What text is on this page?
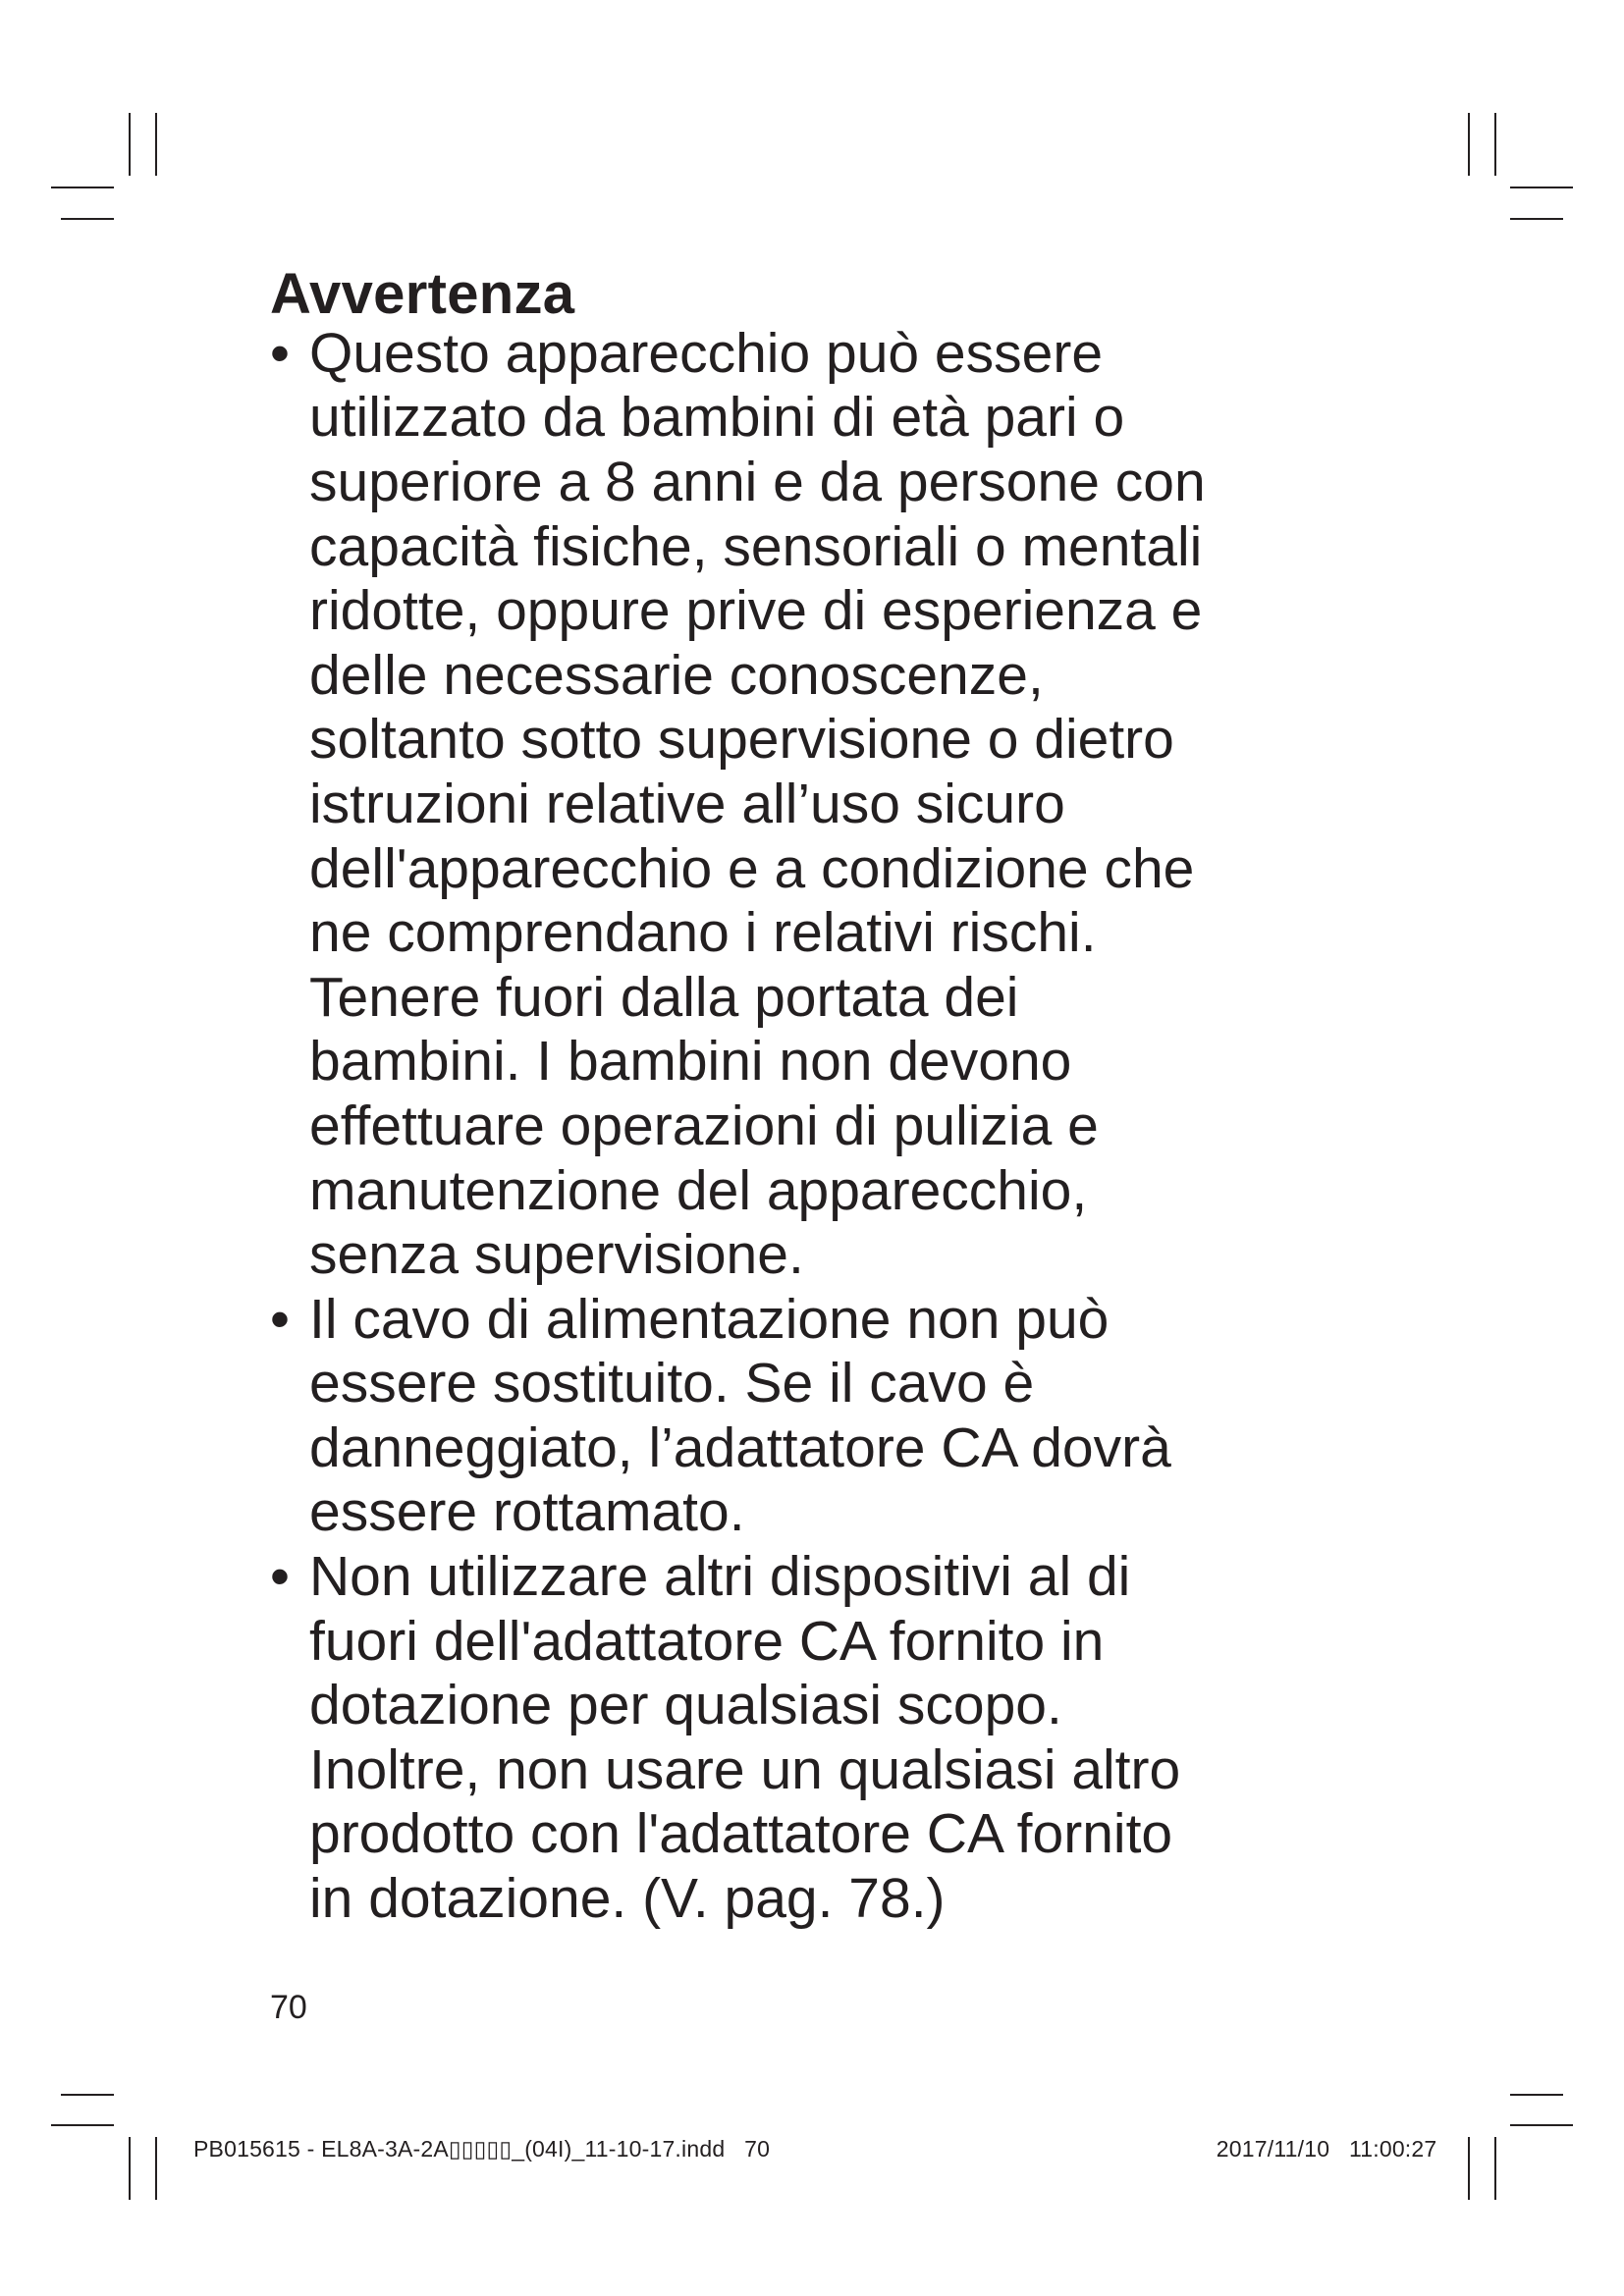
Avvertenza
• Questo apparecchio può essere
utilizzato da bambini di età pari o
superiore a 8 anni e da persone con
capacità fisiche, sensoriali o mentali
ridotte, oppure prive di esperienza e
delle necessarie conoscenze,
soltanto sotto supervisione o dietro
istruzioni relative all’uso sicuro
dell'apparecchio e a condizione che
ne comprendano i relativi rischi.
Tenere fuori dalla portata dei
bambini. I bambini non devono
effettuare operazioni di pulizia e
manutenzione del apparecchio,
senza supervisione.
• Il cavo di alimentazione non può
essere sostituito. Se il cavo è
danneggiato, l’adattatore CA dovrà
essere rottamato.
• Non utilizzare altri dispositivi al di
fuori dell'adattatore CA fornito in
dotazione per qualsiasi scopo.
Inoltre, non usare un qualsiasi altro
prodotto con l'adattatore CA fornito
in dotazione. (V. pag. 78.)
70
PB015615 - EL8A-3A-2A▯▯▯▯▯_(04I)_11-10-17.indd   70                                                                     2017/11/10   11:00:27
